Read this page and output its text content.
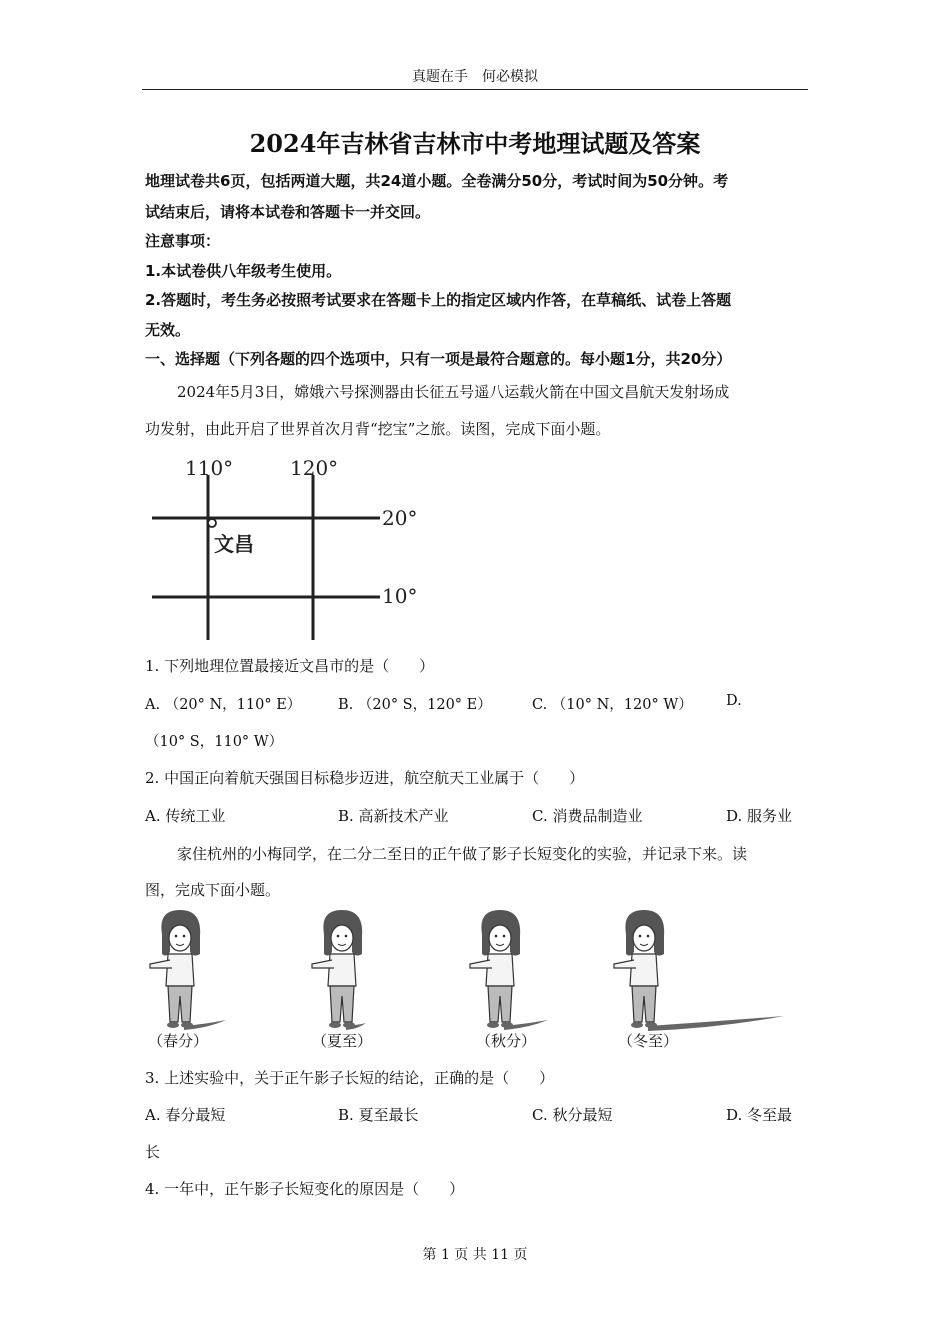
真题在手　何必模拟
2024年吉林省吉林市中考地理试题及答案
地理试卷共6页，包括两道大题，共24道小题。全卷满分50分，考试时间为50分钟。考
试结束后，请将本试卷和答题卡一并交回。
注意事项：
1.本试卷供八年级考生使用。
2.答题时，考生务必按照考试要求在答题卡上的指定区域内作答，在草稿纸、试卷上答题
无效。
一、选择题（下列各题的四个选项中，只有一项是最符合题意的。每小题1分，共20分）
2024年5月3日，嫦娥六号探测器由长征五号遥八运载火箭在中国文昌航天发射场成
功发射，由此开启了世界首次月背“挖宝”之旅。读图，完成下面小题。
110°	120°
20°
10°
文昌
1. 下列地理位置最接近文昌市的是（　　）
A. （20° N，110° E）	B. （20° S，120° E）	C. （10° N，120° W） D.
（10° S，110° W）
2. 中国正向着航天强国目标稳步迈进，航空航天工业属于（　　）
A. 传统工业	B. 高新技术产业	C. 消费品制造业	D. 服务业
家住杭州的小梅同学，在二分二至日的正午做了影子长短变化的实验，并记录下来。读
图，完成下面小题。
（春分）	（夏至）	（秋分）	（冬至）
3. 上述实验中，关于正午影子长短的结论，正确的是（　　）
A. 春分最短	B. 夏至最长	C. 秋分最短	D. 冬至最
长
4. 一年中，正午影子长短变化的原因是（　　）
第 1 页 共 11 页
